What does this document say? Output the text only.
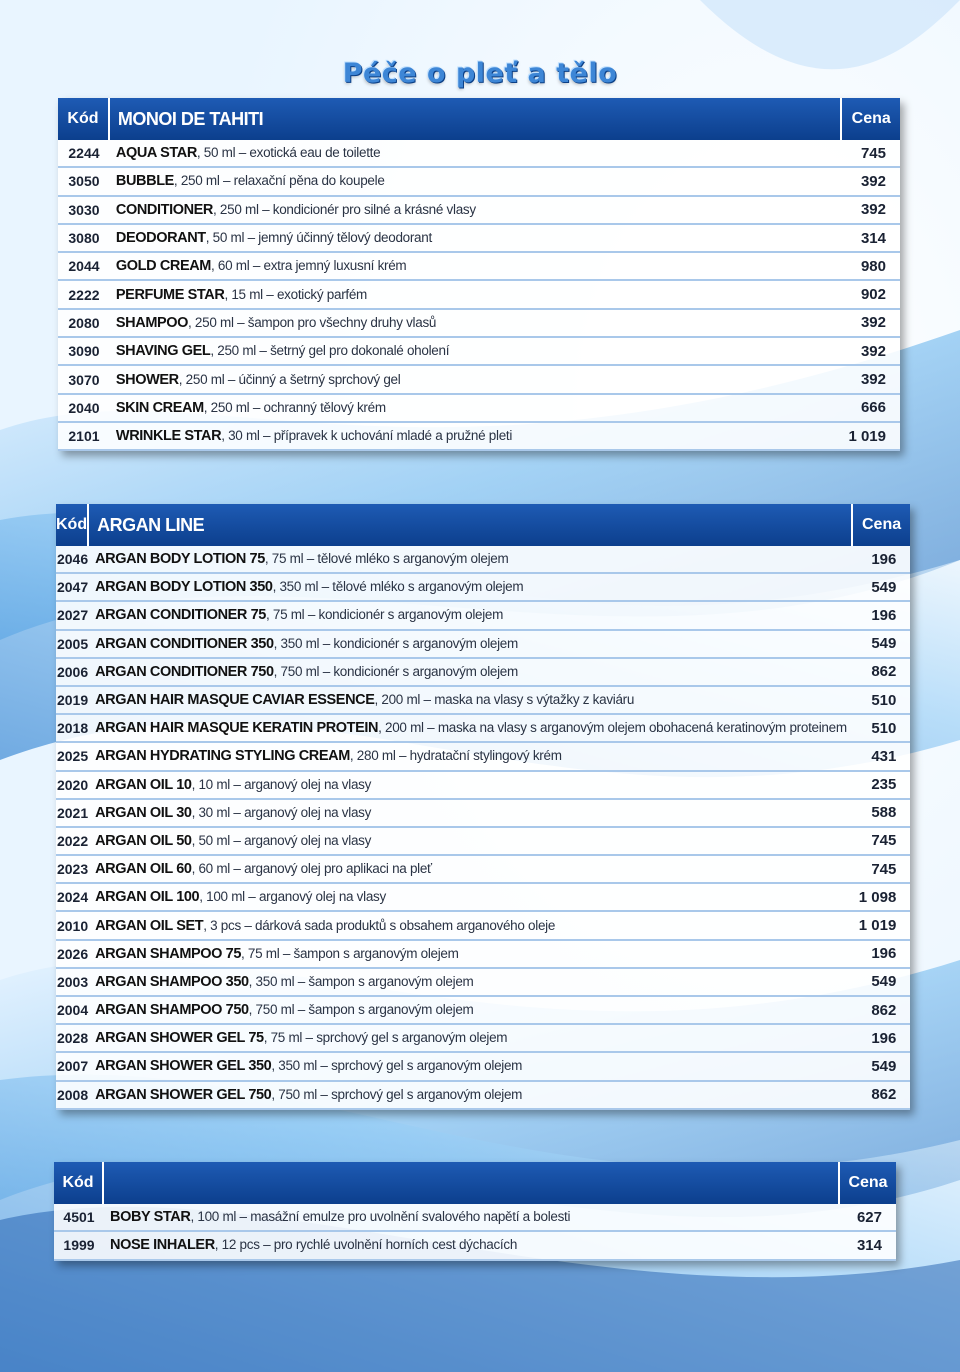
Péče o pleť a tělo
Kód	MONOI DE TAHITI	Cena
2244	AQUA STAR, 50 ml – exotická eau de toilette	745
3050	BUBBLE, 250 ml – relaxační pěna do koupele	392
3030	CONDITIONER, 250 ml – kondicionér pro silné a krásné vlasy	392
3080	DEODORANT, 50 ml – jemný účinný tělový deodorant	314
2044	GOLD CREAM, 60 ml – extra jemný luxusní krém	980
2222	PERFUME STAR, 15 ml – exotický parfém	902
2080	SHAMPOO, 250 ml – šampon pro všechny druhy vlasů	392
3090	SHAVING GEL, 250 ml – šetrný gel pro dokonalé oholení	392
3070	SHOWER, 250 ml – účinný a šetrný sprchový gel	392
2040	SKIN CREAM, 250 ml – ochranný tělový krém	666
2101	WRINKLE STAR, 30 ml – přípravek k uchování mladé a pružné pleti	1 019
Kód	ARGAN LINE	Cena
2046	ARGAN BODY LOTION 75, 75 ml – tělové mléko s arganovým olejem	196
2047	ARGAN BODY LOTION 350, 350 ml – tělové mléko s arganovým olejem	549
2027	ARGAN CONDITIONER 75, 75 ml – kondicionér s arganovým olejem	196
2005	ARGAN CONDITIONER 350, 350 ml – kondicionér s arganovým olejem	549
2006	ARGAN CONDITIONER 750, 750 ml – kondicionér s arganovým olejem	862
2019	ARGAN HAIR MASQUE CAVIAR ESSENCE, 200 ml – maska na vlasy s výtažky z kaviáru	510
2018	ARGAN HAIR MASQUE KERATIN PROTEIN, 200 ml – maska na vlasy s arganovým olejem obohacená keratinovým proteinem	510
2025	ARGAN HYDRATING STYLING CREAM, 280 ml – hydratační stylingový krém	431
2020	ARGAN OIL 10, 10 ml – arganový olej na vlasy	235
2021	ARGAN OIL 30, 30 ml – arganový olej na vlasy	588
2022	ARGAN OIL 50, 50 ml – arganový olej na vlasy	745
2023	ARGAN OIL 60, 60 ml – arganový olej pro aplikaci na pleť	745
2024	ARGAN OIL 100, 100 ml – arganový olej na vlasy	1 098
2010	ARGAN OIL SET, 3 pcs – dárková sada produktů s obsahem arganového oleje	1 019
2026	ARGAN SHAMPOO 75, 75 ml – šampon s arganovým olejem	196
2003	ARGAN SHAMPOO 350, 350 ml – šampon s arganovým olejem	549
2004	ARGAN SHAMPOO 750, 750 ml – šampon s arganovým olejem	862
2028	ARGAN SHOWER GEL 75, 75 ml – sprchový gel s arganovým olejem	196
2007	ARGAN SHOWER GEL 350, 350 ml – sprchový gel s arganovým olejem	549
2008	ARGAN SHOWER GEL 750, 750 ml – sprchový gel s arganovým olejem	862
Kód		Cena
4501	BOBY STAR, 100 ml – masážní emulze pro uvolnění svalového napětí a bolesti	627
1999	NOSE INHALER, 12 pcs – pro rychlé uvolnění horních cest dýchacích	314
